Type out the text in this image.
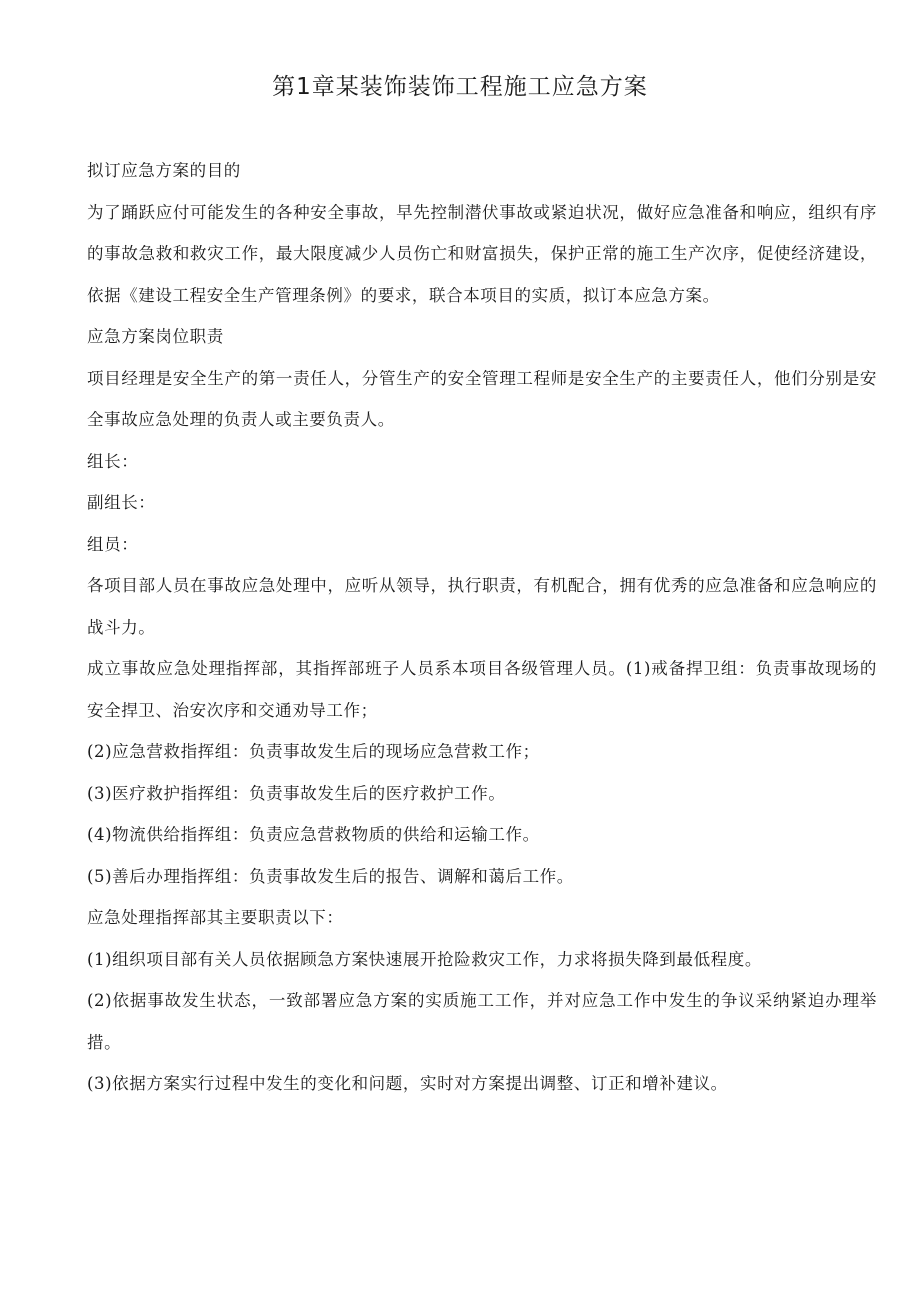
第1章某装饰装饰工程施工应急方案

拟订应急方案的目的

为了踊跃应付可能发生的各种安全事故，早先控制潜伏事故或紧迫状况，做好应急准备和响应，组织有序的事故急救和救灾工作，最大限度减少人员伤亡和财富损失，保护正常的施工生产次序，促使经济建设，依据《建设工程安全生产管理条例》的要求，联合本项目的实质，拟订本应急方案。

应急方案岗位职责

项目经理是安全生产的第一责任人，分管生产的安全管理工程师是安全生产的主要责任人，他们分别是安全事故应急处理的负责人或主要负责人。

组长：

副组长：

组员：

各项目部人员在事故应急处理中，应听从领导，执行职责，有机配合，拥有优秀的应急准备和应急响应的战斗力。

成立事故应急处理指挥部，其指挥部班子人员系本项目各级管理人员。(1)戒备捍卫组：负责事故现场的安全捍卫、治安次序和交通劝导工作；

(2)应急营救指挥组：负责事故发生后的现场应急营救工作；

(3)医疗救护指挥组：负责事故发生后的医疗救护工作。

(4)物流供给指挥组：负责应急营救物质的供给和运输工作。

(5)善后办理指挥组：负责事故发生后的报告、调解和蔼后工作。

应急处理指挥部其主要职责以下：

(1)组织项目部有关人员依据顾急方案快速展开抢险救灾工作，力求将损失降到最低程度。

(2)依据事故发生状态，一致部署应急方案的实质施工工作，并对应急工作中发生的争议采纳紧迫办理举措。

(3)依据方案实行过程中发生的变化和问题，实时对方案提出调整、订正和增补建议。
